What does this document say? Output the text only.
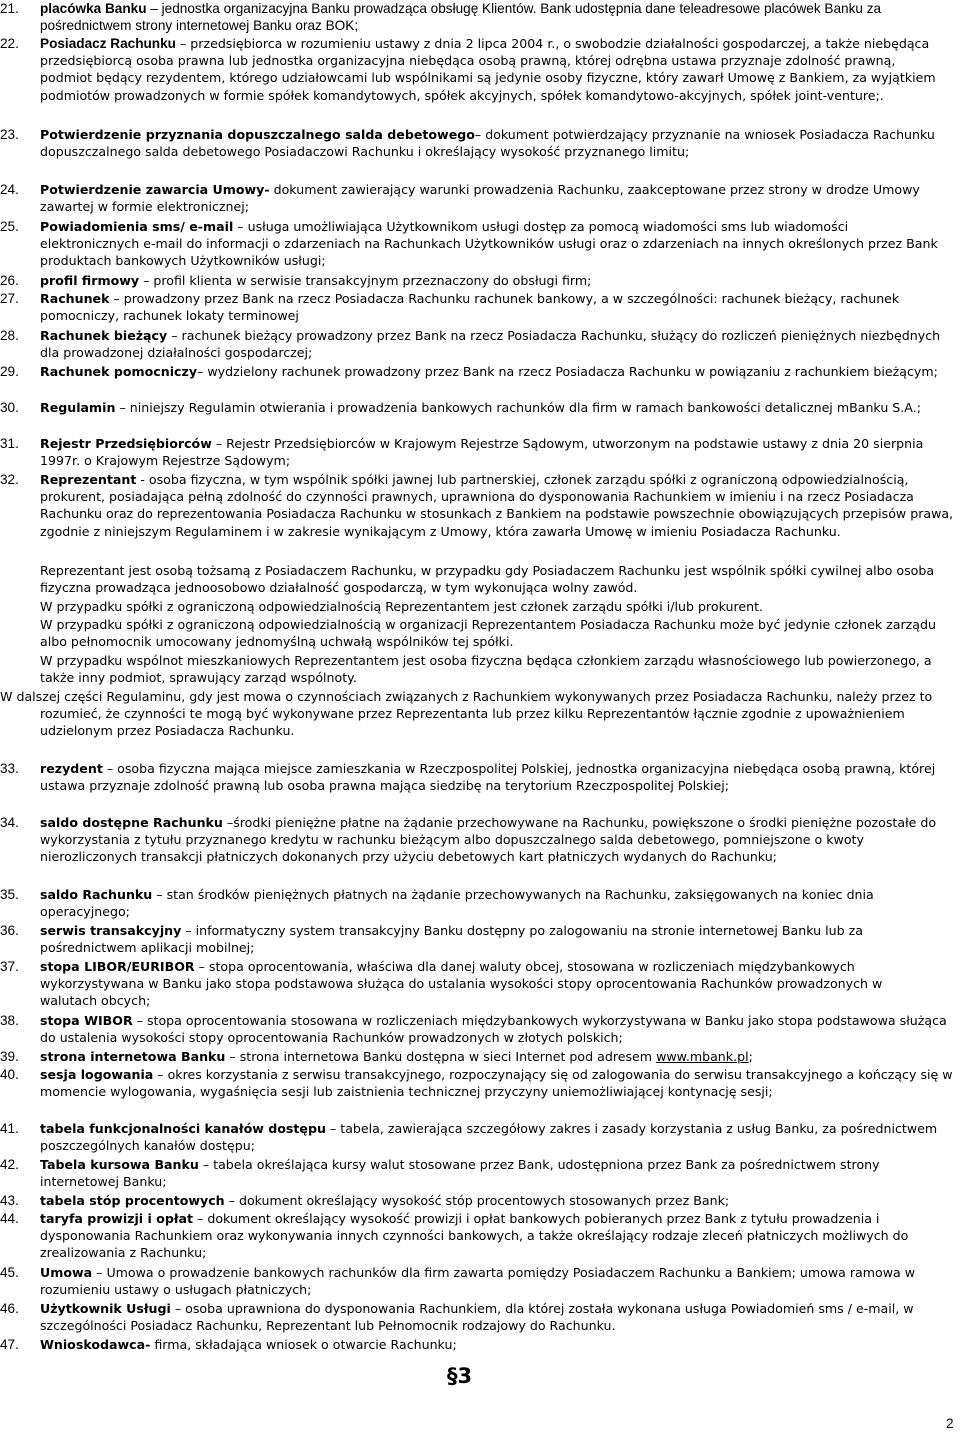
21. placówka Banku – jednostka organizacyjna Banku prowadząca obsługę Klientów. Bank udostępnia dane teleadresowe placówek Banku za pośrednictwem strony internetowej Banku oraz BOK;
22. Posiadacz Rachunku – przedsiębiorca w rozumieniu ustawy z dnia 2 lipca 2004 r., o swobodzie działalności gospodarczej, a także niebędąca przedsiębiorcą osoba prawna lub jednostka organizacyjna niebędąca osobą prawną, której odrębna ustawa przyznaje zdolność prawną, podmiot będący rezydentem, którego udziałowcami lub wspólnikami są jedynie osoby fizyczne, który zawarł Umowę z Bankiem, za wyjątkiem podmiotów prowadzonych w formie spółek komandytowych, spółek akcyjnych, spółek komandytowo-akcyjnych, spółek joint-venture;.
23. Potwierdzenie przyznania dopuszczalnego salda debetowego– dokument potwierdzający przyznanie na wniosek Posiadacza Rachunku dopuszczalnego salda debetowego Posiadaczowi Rachunku i określający wysokość przyznanego limitu;
24. Potwierdzenie zawarcia Umowy- dokument zawierający warunki prowadzenia Rachunku, zaakceptowane przez strony w drodze Umowy zawartej w formie elektronicznej;
25. Powiadomienia sms/ e-mail – usługa umożliwiająca Użytkownikom usługi dostęp za pomocą wiadomości sms lub wiadomości elektronicznych e-mail do informacji o zdarzeniach na Rachunkach Użytkowników usługi oraz o zdarzeniach na innych określonych przez Bank produktach bankowych Użytkowników usługi;
26. profil firmowy – profil klienta w serwisie transakcyjnym przeznaczony do obsługi firm;
27. Rachunek – prowadzony przez Bank na rzecz Posiadacza Rachunku rachunek bankowy, a w szczególności: rachunek bieżący, rachunek pomocniczy, rachunek lokaty terminowej
28. Rachunek bieżący – rachunek bieżący prowadzony przez Bank na rzecz Posiadacza Rachunku, służący do rozliczeń pieniężnych niezbędnych dla prowadzonej działalności gospodarczej;
29. Rachunek pomocniczy– wydzielony rachunek prowadzony przez Bank na rzecz Posiadacza Rachunku w powiązaniu z rachunkiem bieżącym;
30. Regulamin – niniejszy Regulamin otwierania i prowadzenia bankowych rachunków dla firm w ramach bankowości detalicznej mBanku S.A.;
31. Rejestr Przedsiębiorców – Rejestr Przedsiębiorców w Krajowym Rejestrze Sądowym, utworzonym na podstawie ustawy z dnia 20 sierpnia 1997r. o Krajowym Rejestrze Sądowym;
32. Reprezentant - osoba fizyczna, w tym wspólnik spółki jawnej lub partnerskiej, członek zarządu spółki z ograniczoną odpowiedzialnością, prokurent, posiadająca pełną zdolność do czynności prawnych, uprawniona do dysponowania Rachunkiem w imieniu i na rzecz Posiadacza Rachunku oraz do reprezentowania Posiadacza Rachunku w stosunkach z Bankiem na podstawie powszechnie obowiązujących przepisów prawa, zgodnie z niniejszym Regulaminem i w zakresie wynikającym z Umowy, która zawarła Umowę w imieniu Posiadacza Rachunku.
Reprezentant jest osobą tożsamą z Posiadaczem Rachunku, w przypadku gdy Posiadaczem Rachunku jest wspólnik spółki cywilnej albo osoba fizyczna prowadząca jednoosobowo działalność gospodarczą, w tym wykonująca wolny zawód.
W przypadku spółki z ograniczoną odpowiedzialnością Reprezentantem jest członek zarządu spółki i/lub prokurent.
W przypadku spółki z ograniczoną odpowiedzialnością w organizacji Reprezentantem Posiadacza Rachunku może być jedynie członek zarządu albo pełnomocnik umocowany jednomyślną uchwałą wspólników tej spółki.
W przypadku wspólnot mieszkaniowych Reprezentantem jest osoba fizyczna będąca członkiem zarządu własnościowego lub powierzonego, a także inny podmiot, sprawujący zarząd wspólnoty.
W dalszej części Regulaminu, gdy jest mowa o czynnościach związanych z Rachunkiem wykonywanych przez Posiadacza Rachunku, należy przez to rozumieć, że czynności te mogą być wykonywane przez Reprezentanta lub przez kilku Reprezentantów łącznie zgodnie z upoważnieniem udzielonym przez Posiadacza Rachunku.
33. rezydent – osoba fizyczna mająca miejsce zamieszkania w Rzeczpospolitej Polskiej, jednostka organizacyjna niebędąca osobą prawną, której ustawa przyznaje zdolność prawną lub osoba prawna mająca siedzibę na terytorium Rzeczpospolitej Polskiej;
34. saldo dostępne Rachunku –środki pieniężne płatne na żądanie przechowywane na Rachunku, powiększone o środki pieniężne pozostałe do wykorzystania z tytułu przyznanego kredytu w rachunku bieżącym albo dopuszczalnego salda debetowego, pomniejszone o kwoty nierozliczonych transakcji płatniczych dokonanych przy użyciu debetowych kart płatniczych wydanych do Rachunku;
35. saldo Rachunku – stan środków pieniężnych płatnych na żądanie przechowywanych na Rachunku, zaksięgowanych na koniec dnia operacyjnego;
36. serwis transakcyjny – informatyczny system transakcyjny Banku dostępny po zalogowaniu na stronie internetowej Banku lub za pośrednictwem aplikacji mobilnej;
37. stopa LIBOR/EURIBOR – stopa oprocentowania, właściwa dla danej waluty obcej, stosowana w rozliczeniach międzybankowych wykorzystywana w Banku jako stopa podstawowa służąca do ustalania wysokości stopy oprocentowania Rachunków prowadzonych w walutach obcych;
38. stopa WIBOR – stopa oprocentowania stosowana w rozliczeniach międzybankowych wykorzystywana w Banku jako stopa podstawowa służąca do ustalenia wysokości stopy oprocentowania Rachunków prowadzonych w złotych polskich;
39. strona internetowa Banku – strona internetowa Banku dostępna w sieci Internet pod adresem www.mbank.pl;
40. sesja logowania – okres korzystania z serwisu transakcyjnego, rozpoczynający się od zalogowania do serwisu transakcyjnego a kończący się w momencie wylogowania, wygaśnięcia sesji lub zaistnienia technicznej przyczyny uniemożliwiającej kontynację sesji;
41. tabela funkcjonalności kanałów dostępu – tabela, zawierająca szczegółowy zakres i zasady korzystania z usług Banku, za pośrednictwem poszczególnych kanałów dostępu;
42. Tabela kursowa Banku – tabela określająca kursy walut stosowane przez Bank, udostępniona przez Bank za pośrednictwem strony internetowej Banku;
43. tabela stóp procentowych – dokument określający wysokość stóp procentowych stosowanych przez Bank;
44. taryfa prowizji i opłat – dokument określający wysokość prowizji i opłat bankowych pobieranych przez Bank z tytułu prowadzenia i dysponowania Rachunkiem oraz wykonywania innych czynności bankowych, a także określający rodzaje zleceń płatniczych możliwych do zrealizowania z Rachunku;
45. Umowa – Umowa o prowadzenie bankowych rachunków dla firm zawarta pomiędzy Posiadaczem Rachunku a Bankiem; umowa ramowa w rozumieniu ustawy o usługach płatniczych;
46. Użytkownik Usługi – osoba uprawniona do dysponowania Rachunkiem, dla której została wykonana usługa Powiadomień sms / e-mail, w szczególności Posiadacz Rachunku, Reprezentant lub Pełnomocnik rodzajowy do Rachunku.
47. Wnioskodawca- firma, składająca wniosek o otwarcie Rachunku;
§3
2
